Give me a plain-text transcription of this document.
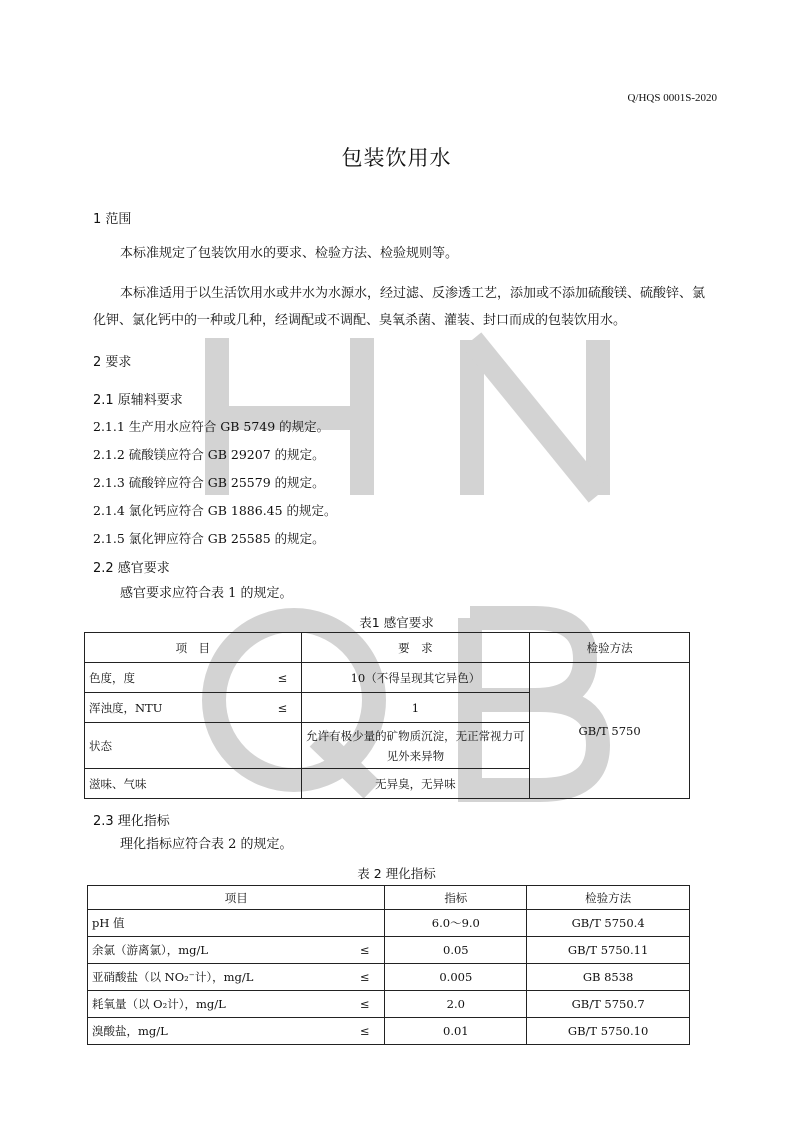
Q/HQS 0001S-2020
包装饮用水
1 范围
本标准规定了包装饮用水的要求、检验方法、检验规则等。
本标准适用于以生活饮用水或井水为水源水，经过滤、反渗透工艺，添加或不添加硫酸镁、硫酸锌、氯化钾、氯化钙中的一种或几种，经调配或不调配、臭氧杀菌、灌装、封口而成的包装饮用水。
2 要求
2.1 原辅料要求
2.1.1 生产用水应符合 GB 5749 的规定。
2.1.2 硫酸镁应符合 GB 29207 的规定。
2.1.3 硫酸锌应符合 GB 25579 的规定。
2.1.4 氯化钙应符合 GB 1886.45 的规定。
2.1.5 氯化钾应符合 GB 25585 的规定。
2.2 感官要求
感官要求应符合表 1 的规定。
表1 感官要求
项　目		要　求	检验方法
色度，度	≤	10（不得呈现其它异色）	GB/T 5750
浑浊度，NTU	≤	1	
状态		允许有极少量的矿物质沉淀，无正常视力可见外来异物	
滋味、气味		无异臭，无异味	
2.3 理化指标
理化指标应符合表 2 的规定。
表 2 理化指标
项目		指标	检验方法
pH 值		6.0～9.0	GB/T 5750.4
余氯（游离氯），mg/L	≤	0.05	GB/T 5750.11
亚硝酸盐（以 NO₂⁻计），mg/L	≤	0.005	GB 8538
耗氧量（以 O₂计），mg/L	≤	2.0	GB/T 5750.7
溴酸盐，mg/L	≤	0.01	GB/T 5750.10
